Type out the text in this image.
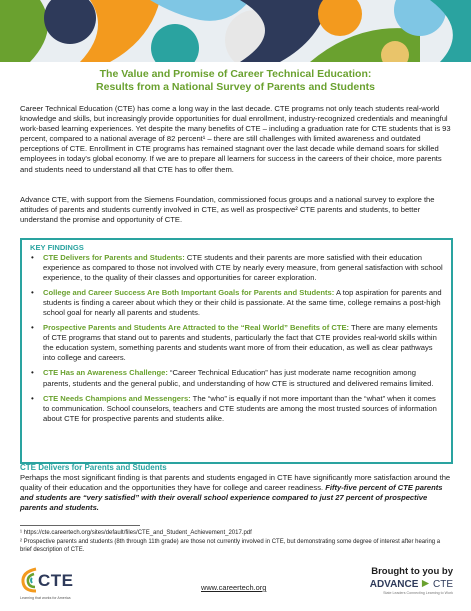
The Value and Promise of Career Technical Education:
Results from a National Survey of Parents and Students
Career Technical Education (CTE) has come a long way in the last decade. CTE programs not only teach students real-world knowledge and skills, but increasingly provide opportunities for dual enrollment, industry-recognized credentials and meaningful work-based learning experiences. Yet despite the many benefits of CTE – including a graduation rate for CTE students that is 93 percent, compared to a national average of 82 percent¹ – there are still challenges with limited awareness and outdated perceptions of CTE. Enrollment in CTE programs has remained stagnant over the last decade while demand soars for skilled employees in today's global economy. If we are to prepare all learners for success in the careers of their choice, more parents and students need to understand all that CTE has to offer them.
Advance CTE, with support from the Siemens Foundation, commissioned focus groups and a national survey to explore the attitudes of parents and students currently involved in CTE, as well as prospective² CTE parents and students, to better understand the promise and opportunity of CTE.
KEY FINDINGS
• CTE Delivers for Parents and Students: CTE students and their parents are more satisfied with their education experience as compared to those not involved with CTE by nearly every measure, from general satisfaction with school experience, to the quality of their classes and opportunities for career exploration.
• College and Career Success Are Both Important Goals for Parents and Students: A top aspiration for parents and students is finding a career about which they or their child is passionate. At the same time, college remains a post-high school goal for nearly all parents and students.
• Prospective Parents and Students Are Attracted to the “Real World” Benefits of CTE: There are many elements of CTE programs that stand out to parents and students, particularly the fact that CTE provides real-world skills within the education system, something parents and students want more of from their education, as well as clear pathways into college and careers.
• CTE Has an Awareness Challenge: “Career Technical Education” has just moderate name recognition among parents, students and the general public, and understanding of how CTE is structured and delivered remains limited.
• CTE Needs Champions and Messengers: The “who” is equally if not more important than the “what” when it comes to communication. School counselors, teachers and CTE students are among the most trusted sources of information about CTE for prospective parents and students alike.
CTE Delivers for Parents and Students
Perhaps the most significant finding is that parents and students engaged in CTE have significantly more satisfaction around the quality of their education and the opportunities they have for college and career readiness. Fifty-five percent of CTE parents and students are “very satisfied” with their overall school experience compared to just 27 percent of prospective parents and students.
¹ https://cte.careertech.org/sites/default/files/CTE_and_Student_Achievement_2017.pdf
² Prospective parents and students (8th through 11th grade) are those not currently involved in CTE, but demonstrating some degree of interest after hearing a brief description of CTE.
CTE
Learning that works for America
www.careertech.org
Brought to you by
ADVANCE CTE
State Leaders Connecting Learning to Work
